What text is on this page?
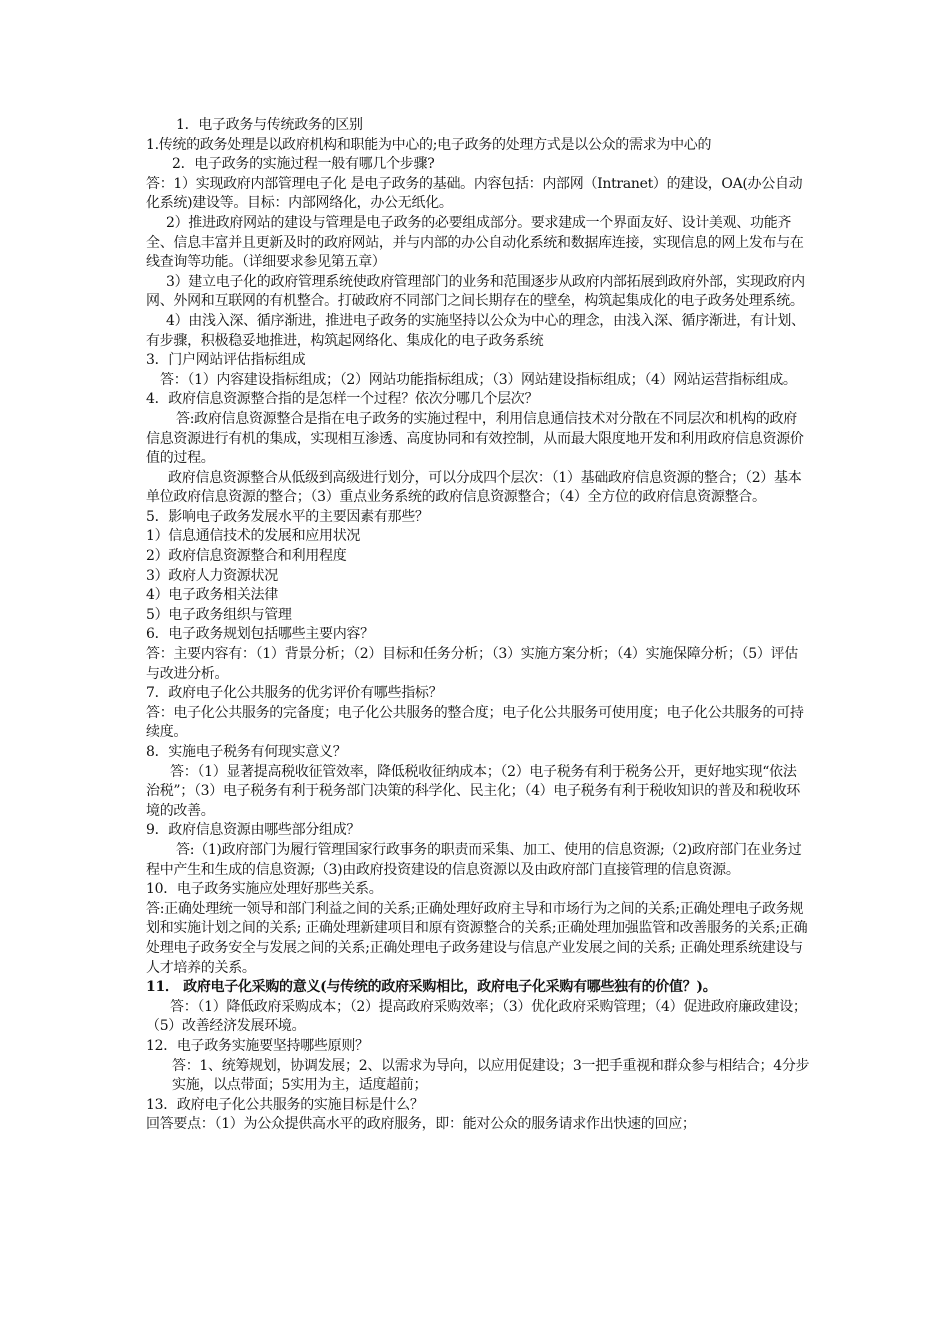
1．电子政务与传统政务的区别

1.传统的政务处理是以政府机构和职能为中心的;电子政务的处理方式是以公众的需求为中心的

2．电子政务的实施过程一般有哪几个步骤?

答：1）实现政府内部管理电子化 是电子政务的基础。内容包括：内部网（Intranet）的建设，OA(办公自动化系统)建设等。目标：内部网络化，办公无纸化。

2）推进政府网站的建设与管理是电子政务的必要组成部分。要求建成一个界面友好、设计美观、功能齐全、信息丰富并且更新及时的政府网站，并与内部的办公自动化系统和数据库连接，实现信息的网上发布与在线查询等功能。（详细要求参见第五章）

3）建立电子化的政府管理系统使政府管理部门的业务和范围逐步从政府内部拓展到政府外部，实现政府内网、外网和互联网的有机整合。打破政府不同部门之间长期存在的壁垒，构筑起集成化的电子政务处理系统。

4）由浅入深、循序渐进，推进电子政务的实施坚持以公众为中心的理念，由浅入深、循序渐进，有计划、有步骤，积极稳妥地推进，构筑起网络化、集成化的电子政务系统

3．门户网站评估指标组成

答：（1）内容建设指标组成；（2）网站功能指标组成；（3）网站建设指标组成；（4）网站运营指标组成。

4．政府信息资源整合指的是怎样一个过程？依次分哪几个层次？

答:政府信息资源整合是指在电子政务的实施过程中，利用信息通信技术对分散在不同层次和机构的政府信息资源进行有机的集成，实现相互渗透、高度协同和有效控制，从而最大限度地开发和利用政府信息资源价值的过程。

政府信息资源整合从低级到高级进行划分，可以分成四个层次：（1）基础政府信息资源的整合；（2）基本单位政府信息资源的整合；（3）重点业务系统的政府信息资源整合；（4）全方位的政府信息资源整合。

5．影响电子政务发展水平的主要因素有那些？

1）信息通信技术的发展和应用状况

2）政府信息资源整合和利用程度

3）政府人力资源状况

4）电子政务相关法律

5）电子政务组织与管理

6．电子政务规划包括哪些主要内容？

答：主要内容有：（1）背景分析；（2）目标和任务分析；（3）实施方案分析；（4）实施保障分析；（5）评估与改进分析。

7．政府电子化公共服务的优劣评价有哪些指标？

答：电子化公共服务的完备度；电子化公共服务的整合度；电子化公共服务可使用度；电子化公共服务的可持续度。

8．实施电子税务有何现实意义？

答：（1）显著提高税收征管效率，降低税收征纳成本；（2）电子税务有利于税务公开，更好地实现“依法治税”；（3）电子税务有利于税务部门决策的科学化、民主化；（4）电子税务有利于税收知识的普及和税收环境的改善。

9．政府信息资源由哪些部分组成？

答:（1)政府部门为履行管理国家行政事务的职责而采集、加工、使用的信息资源;（2)政府部门在业务过程中产生和生成的信息资源;（3)由政府投资建设的信息资源以及由政府部门直接管理的信息资源。

10．电子政务实施应处理好那些关系。

答:正确处理统一领导和部门利益之间的关系;正确处理好政府主导和市场行为之间的关系;正确处理电子政务规划和实施计划之间的关系; 正确处理新建项目和原有资源整合的关系;正确处理加强监管和改善服务的关系;正确处理电子政务安全与发展之间的关系;正确处理电子政务建设与信息产业发展之间的关系; 正确处理系统建设与人才培养的关系。

11． 政府电子化采购的意义(与传统的政府采购相比，政府电子化采购有哪些独有的价值？)。

答：（1）降低政府采购成本；（2）提高政府采购效率；（3）优化政府采购管理；（4）促进政府廉政建设；（5）改善经济发展环境。

12．电子政务实施要坚持哪些原则？

答：1、统筹规划，协调发展；2、以需求为导向，以应用促建设；3一把手重视和群众参与相结合；4分步实施，以点带面；5实用为主，适度超前；

13．政府电子化公共服务的实施目标是什么？

回答要点：（1）为公众提供高水平的政府服务，即：能对公众的服务请求作出快速的回应；
